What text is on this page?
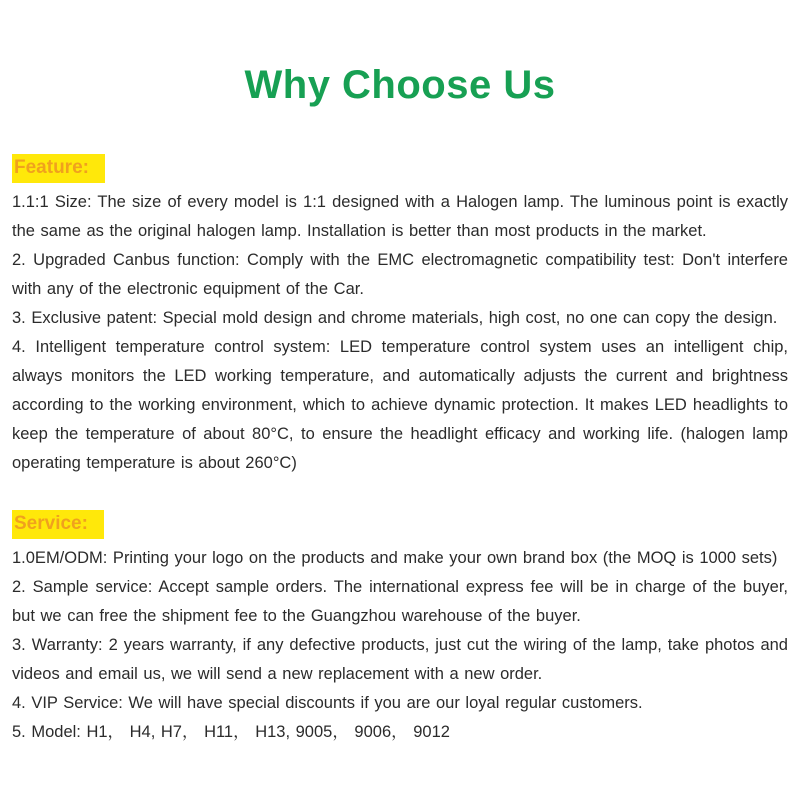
Why Choose Us
Feature:

1.1:1 Size: The size of every model is 1:1 designed with a Halogen lamp. The luminous point is exactly the same as the original halogen lamp. Installation is better than most products in the market.

2. Upgraded Canbus function: Comply with the EMC electromagnetic compatibility test: Don't interfere with any of the electronic equipment of the Car.

3. Exclusive patent: Special mold design and chrome materials, high cost, no one can copy the design.

4. Intelligent temperature control system: LED temperature control system uses an intelligent chip, always monitors the LED working temperature, and automatically adjusts the current and brightness according to the working environment, which to achieve dynamic protection. It makes LED headlights to keep the temperature of about 80°C, to ensure the headlight efficacy and working life. (halogen lamp operating temperature is about 260°C)

Service:

1.0EM/ODM: Printing your logo on the products and make your own brand box (the MOQ is 1000 sets)

2. Sample service: Accept sample orders. The international express fee will be in charge of the buyer, but we can free the shipment fee to the Guangzhou warehouse of the buyer.

3. Warranty: 2 years warranty, if any defective products, just cut the wiring of the lamp, take photos and videos and email us, we will send a new replacement with a new order.

4. VIP Service: We will have special discounts if you are our loyal regular customers.

5. Model: H1， H4, H7， H11， H13, 9005， 9006， 9012
